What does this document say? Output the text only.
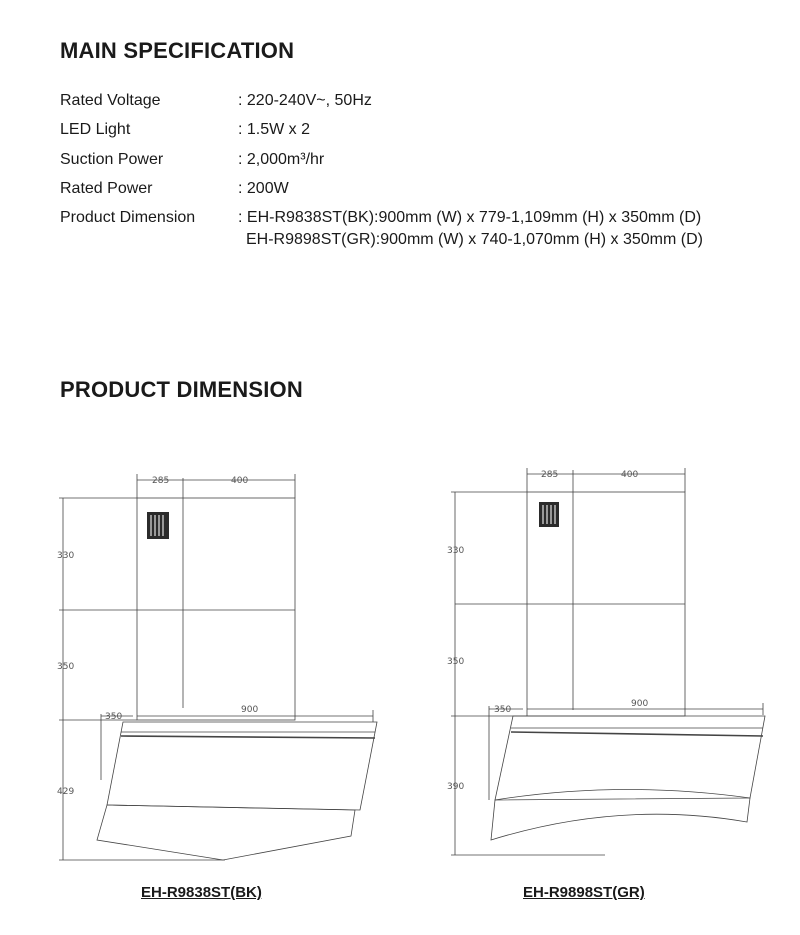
MAIN SPECIFICATION
Rated Voltage	: 220-240V~, 50Hz
LED Light	: 1.5W x 2
Suction Power	: 2,000m³/hr
Rated Power	: 200W
Product Dimension	: EH-R9838ST(BK):900mm (W) x 779-1,109mm (H) x 350mm (D)
EH-R9898ST(GR):900mm (W) x 740-1,070mm (H) x 350mm (D)
PRODUCT DIMENSION
285	400
330
350
429
350
900
285	400
330
350
390
350
900
EH-R9838ST(BK)	EH-R9898ST(GR)
